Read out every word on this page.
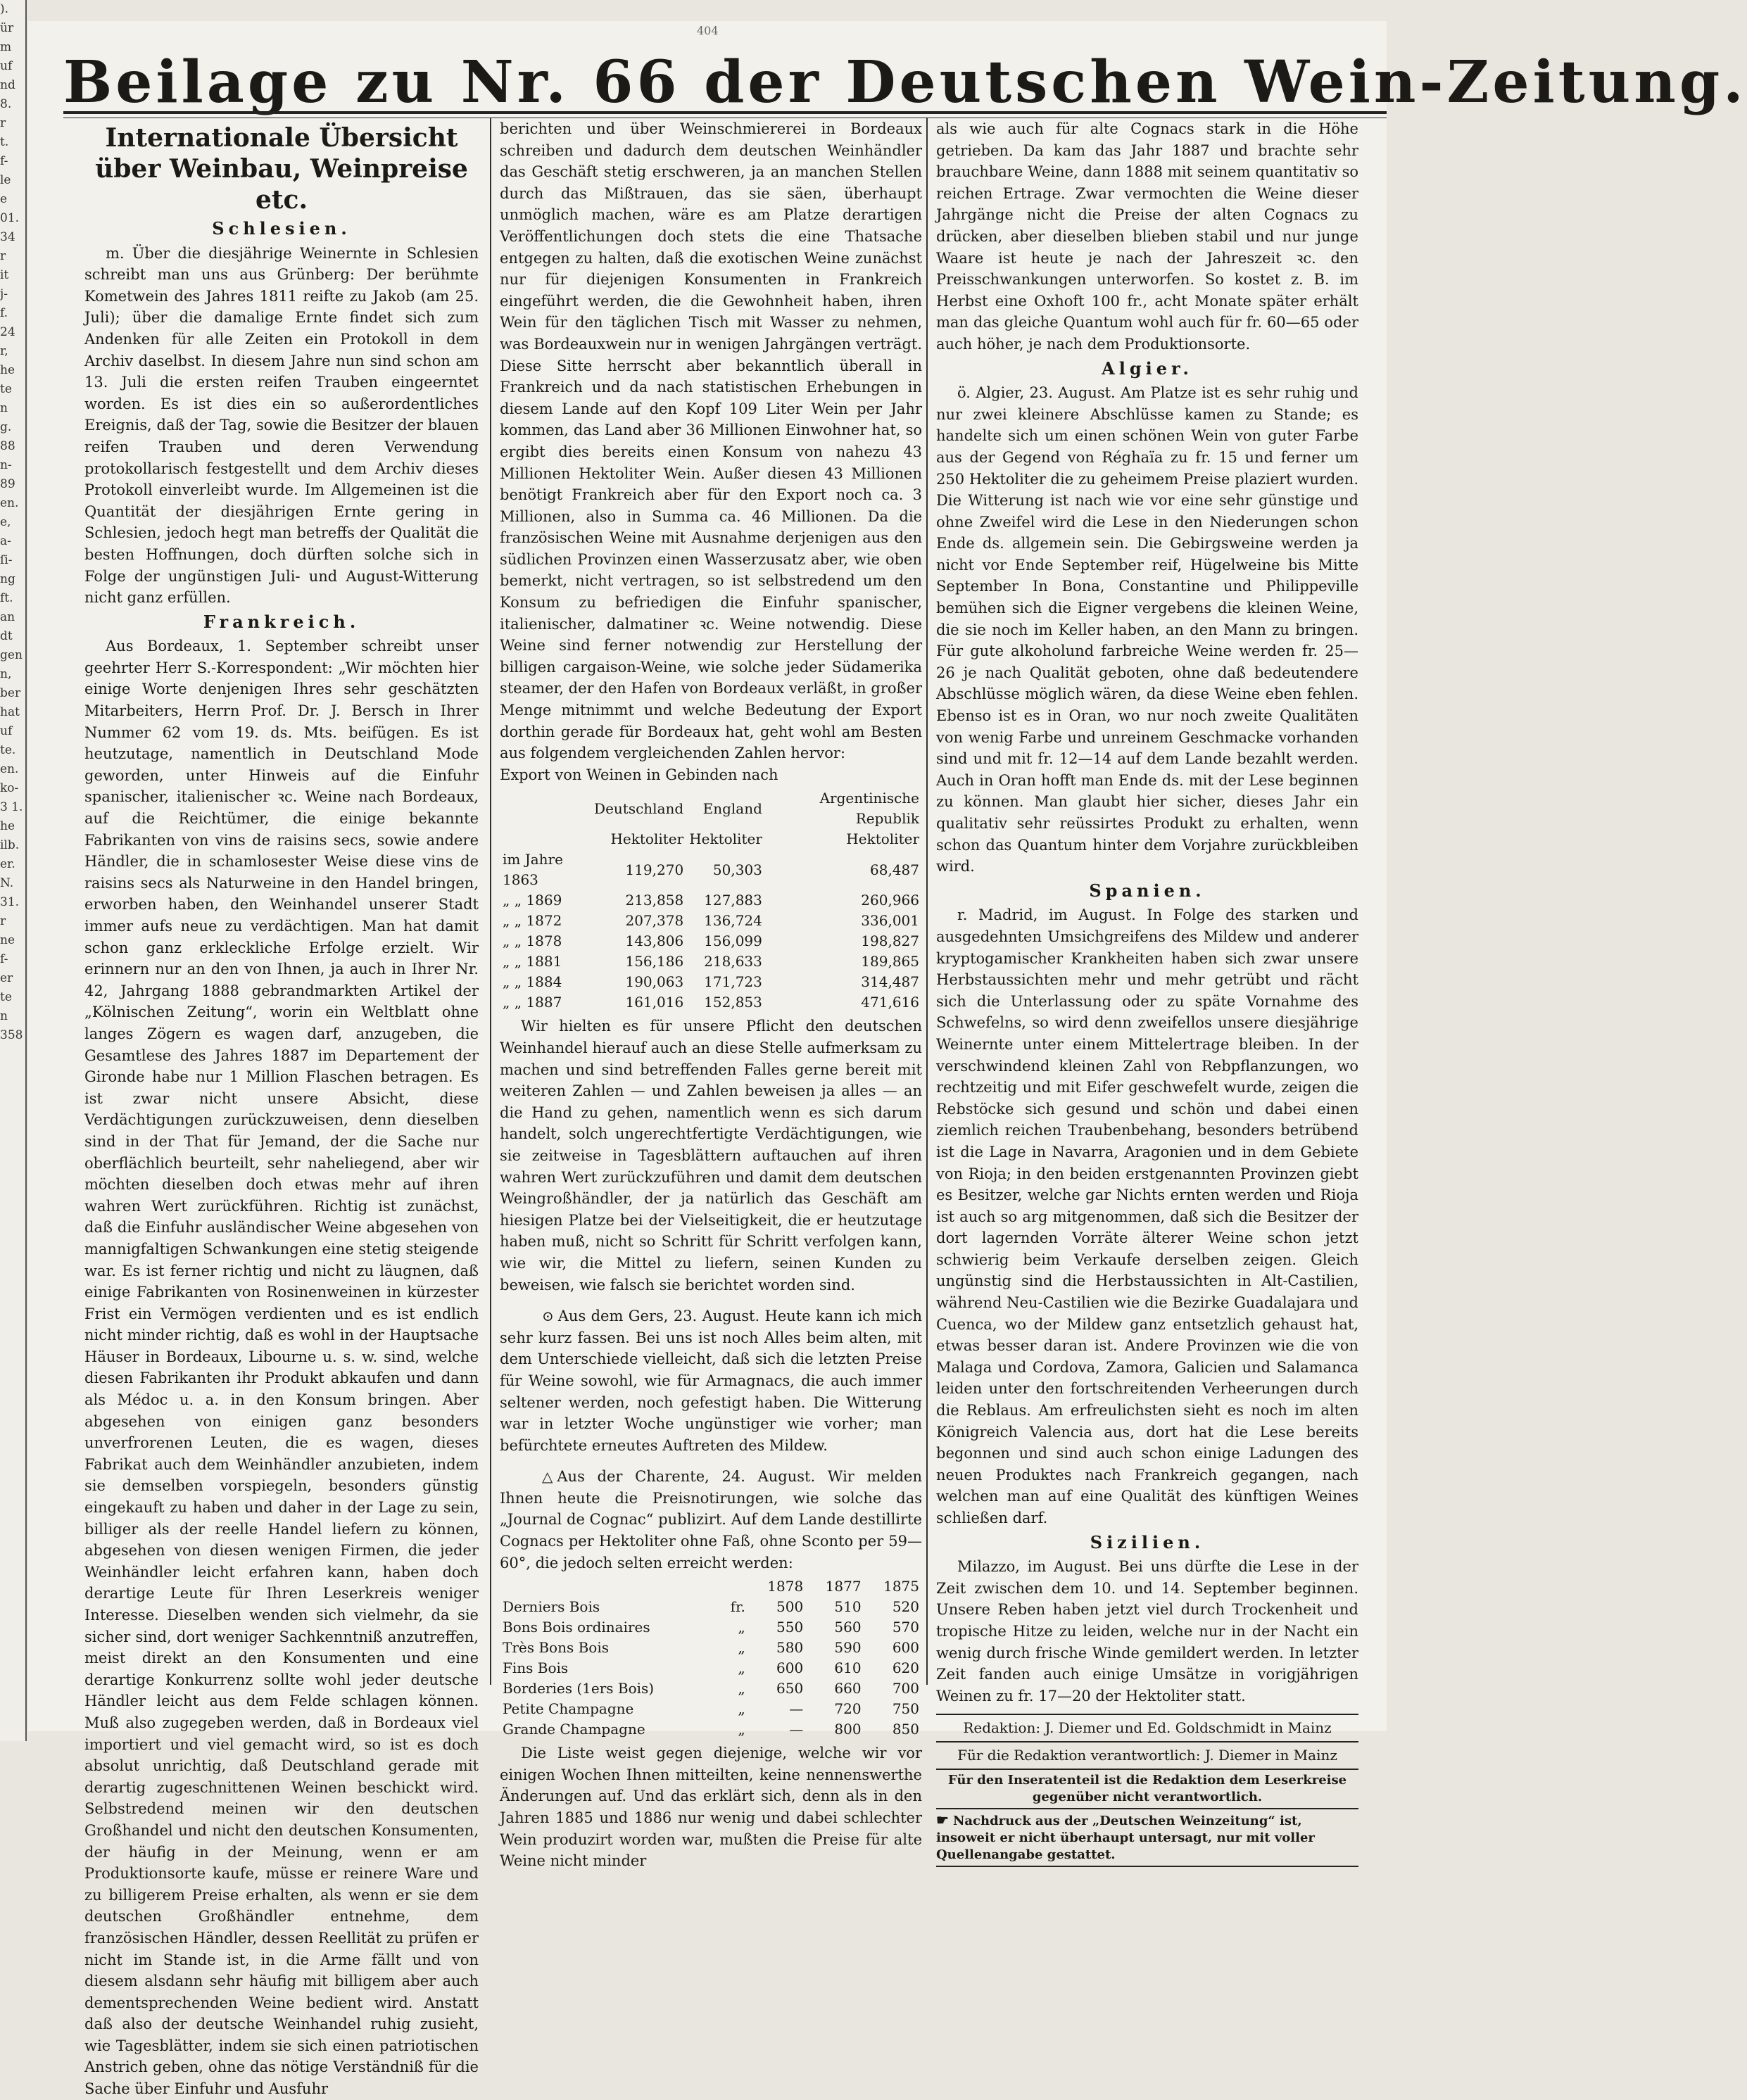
).
ür
m
uf
nd
8.
r
t.
f-
le
e
01.
34
r
it
j-
f.
24
r,
he
te
n
g.
88
n-
89
en.
e,
a-
ſi-
ng
ft.
an
dt
gen
n,
ber
hat
uf
te.
en.
ko-
3 1.
he
ilb.
er.
N.
31.
r
ne
f-
er
te
n
358
404
Beilage zu Nr. 66 der Deutschen Wein-Zeitung.
Internationale Übersicht über Weinbau, Weinpreise etc.
Schlesien.

m. Über die diesjährige Weinernte in Schlesien schreibt man uns aus Grünberg: Der berühmte Kometwein des Jahres 1811 reifte zu Jakob (am 25. Juli); über die damalige Ernte findet sich zum Andenken für alle Zeiten ein Protokoll in dem Archiv daselbst. In diesem Jahre nun sind schon am 13. Juli die ersten reifen Trauben eingeerntet worden. Es ist dies ein so außerordentliches Ereignis, daß der Tag, sowie die Besitzer der blauen reifen Trauben und deren Verwendung protokollarisch festgestellt und dem Archiv dieses Protokoll einverleibt wurde. Im Allgemeinen ist die Quantität der diesjährigen Ernte gering in Schlesien, jedoch hegt man betreffs der Qualität die besten Hoffnungen, doch dürften solche sich in Folge der ungünstigen Juli- und August-Witterung nicht ganz erfüllen.

Frankreich.

Aus Bordeaux, 1. September schreibt unser geehrter Herr S.-Korrespondent: „Wir möchten hier einige Worte denjenigen Ihres sehr geschätzten Mitarbeiters, Herrn Prof. Dr. J. Bersch in Ihrer Nummer 62 vom 19. ds. Mts. beifügen. Es ist heutzutage, namentlich in Deutschland Mode geworden, unter Hinweis auf die Einfuhr spanischer, italienischer ꝛc. Weine nach Bordeaux, auf die Reichtümer, die einige bekannte Fabrikanten von vins de raisins secs, sowie andere Händler, die in schamlosester Weise diese vins de raisins secs als Naturweine in den Handel bringen, erworben haben, den Weinhandel unserer Stadt immer aufs neue zu verdächtigen. Man hat damit schon ganz erkleckliche Erfolge erzielt. Wir erinnern nur an den von Ihnen, ja auch in Ihrer Nr. 42, Jahrgang 1888 gebrandmarkten Artikel der „Kölnischen Zeitung“, worin ein Weltblatt ohne langes Zögern es wagen darf, anzugeben, die Gesamtlese des Jahres 1887 im Departement der Gironde habe nur 1 Million Flaschen betragen. Es ist zwar nicht unsere Absicht, diese Verdächtigungen zurückzuweisen, denn dieselben sind in der That für Jemand, der die Sache nur oberflächlich beurteilt, sehr naheliegend, aber wir möchten dieselben doch etwas mehr auf ihren wahren Wert zurückführen. Richtig ist zunächst, daß die Einfuhr ausländischer Weine abgesehen von mannigfaltigen Schwankungen eine stetig steigende war. Es ist ferner richtig und nicht zu läugnen, daß einige Fabrikanten von Rosinenweinen in kürzester Frist ein Vermögen verdienten und es ist endlich nicht minder richtig, daß es wohl in der Hauptsache Häuser in Bordeaux, Libourne u. s. w. sind, welche diesen Fabrikanten ihr Produkt abkaufen und dann als Médoc u. a. in den Konsum bringen. Aber abgesehen von einigen ganz besonders unverfrorenen Leuten, die es wagen, dieses Fabrikat auch dem Weinhändler anzubieten, indem sie demselben vorspiegeln, besonders günstig eingekauft zu haben und daher in der Lage zu sein, billiger als der reelle Handel liefern zu können, abgesehen von diesen wenigen Firmen, die jeder Weinhändler leicht erfahren kann, haben doch derartige Leute für Ihren Leserkreis weniger Interesse. Dieselben wenden sich vielmehr, da sie sicher sind, dort weniger Sachkenntniß anzutreffen, meist direkt an den Konsumenten und eine derartige Konkurrenz sollte wohl jeder deutsche Händler leicht aus dem Felde schlagen können. Muß also zugegeben werden, daß in Bordeaux viel importiert und viel gemacht wird, so ist es doch absolut unrichtig, daß Deutschland gerade mit derartig zugeschnittenen Weinen beschickt wird. Selbstredend meinen wir den deutschen Großhandel und nicht den deutschen Konsumenten, der häufig in der Meinung, wenn er am Produktionsorte kaufe, müsse er reinere Ware und zu billigerem Preise erhalten, als wenn er sie dem deutschen Großhändler entnehme, dem französischen Händler, dessen Reellität zu prüfen er nicht im Stande ist, in die Arme fällt und von diesem alsdann sehr häufig mit billigem aber auch dementsprechenden Weine bedient wird. Anstatt daß also der deutsche Weinhandel ruhig zusieht, wie Tagesblätter, indem sie sich einen patriotischen Anstrich geben, ohne das nötige Verständniß für die Sache über Einfuhr und Ausfuhr

berichten und über Weinschmiererei in Bordeaux schreiben und dadurch dem deutschen Weinhändler das Geschäft stetig erschweren, ja an manchen Stellen durch das Mißtrauen, das sie säen, überhaupt unmöglich machen, wäre es am Platze derartigen Veröffentlichungen doch stets die eine Thatsache entgegen zu halten, daß die exotischen Weine zunächst nur für diejenigen Konsumenten in Frankreich eingeführt werden, die die Gewohnheit haben, ihren Wein für den täglichen Tisch mit Wasser zu nehmen, was Bordeauxwein nur in wenigen Jahrgängen verträgt. Diese Sitte herrscht aber bekanntlich überall in Frankreich und da nach statistischen Erhebungen in diesem Lande auf den Kopf 109 Liter Wein per Jahr kommen, das Land aber 36 Millionen Einwohner hat, so ergibt dies bereits einen Konsum von nahezu 43 Millionen Hektoliter Wein. Außer diesen 43 Millionen benötigt Frankreich aber für den Export noch ca. 3 Millionen, also in Summa ca. 46 Millionen. Da die französischen Weine mit Ausnahme derjenigen aus den südlichen Provinzen einen Wasserzusatz aber, wie oben bemerkt, nicht vertragen, so ist selbstredend um den Konsum zu befriedigen die Einfuhr spanischer, italienischer, dalmatiner ꝛc. Weine notwendig. Diese Weine sind ferner notwendig zur Herstellung der billigen cargaison-Weine, wie solche jeder Südamerika steamer, der den Hafen von Bordeaux verläßt, in großer Menge mitnimmt und welche Bedeutung der Export dorthin gerade für Bordeaux hat, geht wohl am Besten aus folgendem vergleichenden Zahlen hervor:

Export von Weinen in Gebinden nach

	Deutschland	England	Argentinische Republik
	Hektoliter	Hektoliter	Hektoliter
im Jahre 1863	119,270	50,303	68,487
„ „ 1869	213,858	127,883	260,966
„ „ 1872	207,378	136,724	336,001
„ „ 1878	143,806	156,099	198,827
„ „ 1881	156,186	218,633	189,865
„ „ 1884	190,063	171,723	314,487
„ „ 1887	161,016	152,853	471,616

Wir hielten es für unsere Pflicht den deutschen Weinhandel hierauf auch an diese Stelle aufmerksam zu machen und sind betreffenden Falles gerne bereit mit weiteren Zahlen — und Zahlen beweisen ja alles — an die Hand zu gehen, namentlich wenn es sich darum handelt, solch ungerechtfertigte Verdächtigungen, wie sie zeitweise in Tagesblättern auftauchen auf ihren wahren Wert zurückzuführen und damit dem deutschen Weingroßhändler, der ja natürlich das Geschäft am hiesigen Platze bei der Vielseitigkeit, die er heutzutage haben muß, nicht so Schritt für Schritt verfolgen kann, wie wir, die Mittel zu liefern, seinen Kunden zu beweisen, wie falsch sie berichtet worden sind.

⊙ Aus dem Gers, 23. August. Heute kann ich mich sehr kurz fassen. Bei uns ist noch Alles beim alten, mit dem Unterschiede vielleicht, daß sich die letzten Preise für Weine sowohl, wie für Armagnacs, die auch immer seltener werden, noch gefestigt haben. Die Witterung war in letzter Woche ungünstiger wie vorher; man befürchtete erneutes Auftreten des Mildew.

△ Aus der Charente, 24. August. Wir melden Ihnen heute die Preisnotirungen, wie solche das „Journal de Cognac“ publizirt. Auf dem Lande destillirte Cognacs per Hektoliter ohne Faß, ohne Sconto per 59—60°, die jedoch selten erreicht werden:

		1878	1877	1875
Derniers Bois	fr.	500	510	520
Bons Bois ordinaires	„	550	560	570
Très Bons Bois	„	580	590	600
Fins Bois	„	600	610	620
Borderies (1ers Bois)	„	650	660	700
Petite Champagne	„	—	720	750
Grande Champagne	„	—	800	850

Die Liste weist gegen diejenige, welche wir vor einigen Wochen Ihnen mitteilten, keine nennenswerthe Änderungen auf. Und das erklärt sich, denn als in den Jahren 1885 und 1886 nur wenig und dabei schlechter Wein produzirt worden war, mußten die Preise für alte Weine nicht minder

als wie auch für alte Cognacs stark in die Höhe getrieben. Da kam das Jahr 1887 und brachte sehr brauchbare Weine, dann 1888 mit seinem quantitativ so reichen Ertrage. Zwar vermochten die Weine dieser Jahrgänge nicht die Preise der alten Cognacs zu drücken, aber dieselben blieben stabil und nur junge Waare ist heute je nach der Jahreszeit ꝛc. den Preisschwankungen unterworfen. So kostet z. B. im Herbst eine Oxhoft 100 fr., acht Monate später erhält man das gleiche Quantum wohl auch für fr. 60—65 oder auch höher, je nach dem Produktionsorte.

Algier.

ö. Algier, 23. August. Am Platze ist es sehr ruhig und nur zwei kleinere Abschlüsse kamen zu Stande; es handelte sich um einen schönen Wein von guter Farbe aus der Gegend von Réghaïa zu fr. 15 und ferner um 250 Hektoliter die zu geheimem Preise plaziert wurden. Die Witterung ist nach wie vor eine sehr günstige und ohne Zweifel wird die Lese in den Niederungen schon Ende ds. allgemein sein. Die Gebirgsweine werden ja nicht vor Ende September reif, Hügelweine bis Mitte September In Bona, Constantine und Philippeville bemühen sich die Eigner vergebens die kleinen Weine, die sie noch im Keller haben, an den Mann zu bringen. Für gute alkoholund farbreiche Weine werden fr. 25—26 je nach Qualität geboten, ohne daß bedeutendere Abschlüsse möglich wären, da diese Weine eben fehlen. Ebenso ist es in Oran, wo nur noch zweite Qualitäten von wenig Farbe und unreinem Geschmacke vorhanden sind und mit fr. 12—14 auf dem Lande bezahlt werden. Auch in Oran hofft man Ende ds. mit der Lese beginnen zu können. Man glaubt hier sicher, dieses Jahr ein qualitativ sehr reüssirtes Produkt zu erhalten, wenn schon das Quantum hinter dem Vorjahre zurückbleiben wird.

Spanien.

r. Madrid, im August. In Folge des starken und ausgedehnten Umsichgreifens des Mildew und anderer kryptogamischer Krankheiten haben sich zwar unsere Herbstaussichten mehr und mehr getrübt und rächt sich die Unterlassung oder zu späte Vornahme des Schwefelns, so wird denn zweifellos unsere diesjährige Weinernte unter einem Mittelertrage bleiben. In der verschwindend kleinen Zahl von Rebpflanzungen, wo rechtzeitig und mit Eifer geschwefelt wurde, zeigen die Rebstöcke sich gesund und schön und dabei einen ziemlich reichen Traubenbehang, besonders betrübend ist die Lage in Navarra, Aragonien und in dem Gebiete von Rioja; in den beiden erstgenannten Provinzen giebt es Besitzer, welche gar Nichts ernten werden und Rioja ist auch so arg mitgenommen, daß sich die Besitzer der dort lagernden Vorräte älterer Weine schon jetzt schwierig beim Verkaufe derselben zeigen. Gleich ungünstig sind die Herbstaussichten in Alt-Castilien, während Neu-Castilien wie die Bezirke Guadalajara und Cuenca, wo der Mildew ganz entsetzlich gehaust hat, etwas besser daran ist. Andere Provinzen wie die von Malaga und Cordova, Zamora, Galicien und Salamanca leiden unter den fortschreitenden Verheerungen durch die Reblaus. Am erfreulichsten sieht es noch im alten Königreich Valencia aus, dort hat die Lese bereits begonnen und sind auch schon einige Ladungen des neuen Produktes nach Frankreich gegangen, nach welchen man auf eine Qualität des künftigen Weines schließen darf.

Sizilien.

Milazzo, im August. Bei uns dürfte die Lese in der Zeit zwischen dem 10. und 14. September beginnen. Unsere Reben haben jetzt viel durch Trockenheit und tropische Hitze zu leiden, welche nur in der Nacht ein wenig durch frische Winde gemildert werden. In letzter Zeit fanden auch einige Umsätze in vorigjährigen Weinen zu fr. 17—20 der Hektoliter statt.

Redaktion: J. Diemer und Ed. Goldschmidt in Mainz
Für die Redaktion verantwortlich: J. Diemer in Mainz
Für den Inseratenteil ist die Redaktion dem Leserkreise gegenüber nicht verantwortlich.
☛ Nachdruck aus der „Deutschen Weinzeitung“ ist, insoweit er nicht überhaupt untersagt, nur mit voller Quellenangabe gestattet.
